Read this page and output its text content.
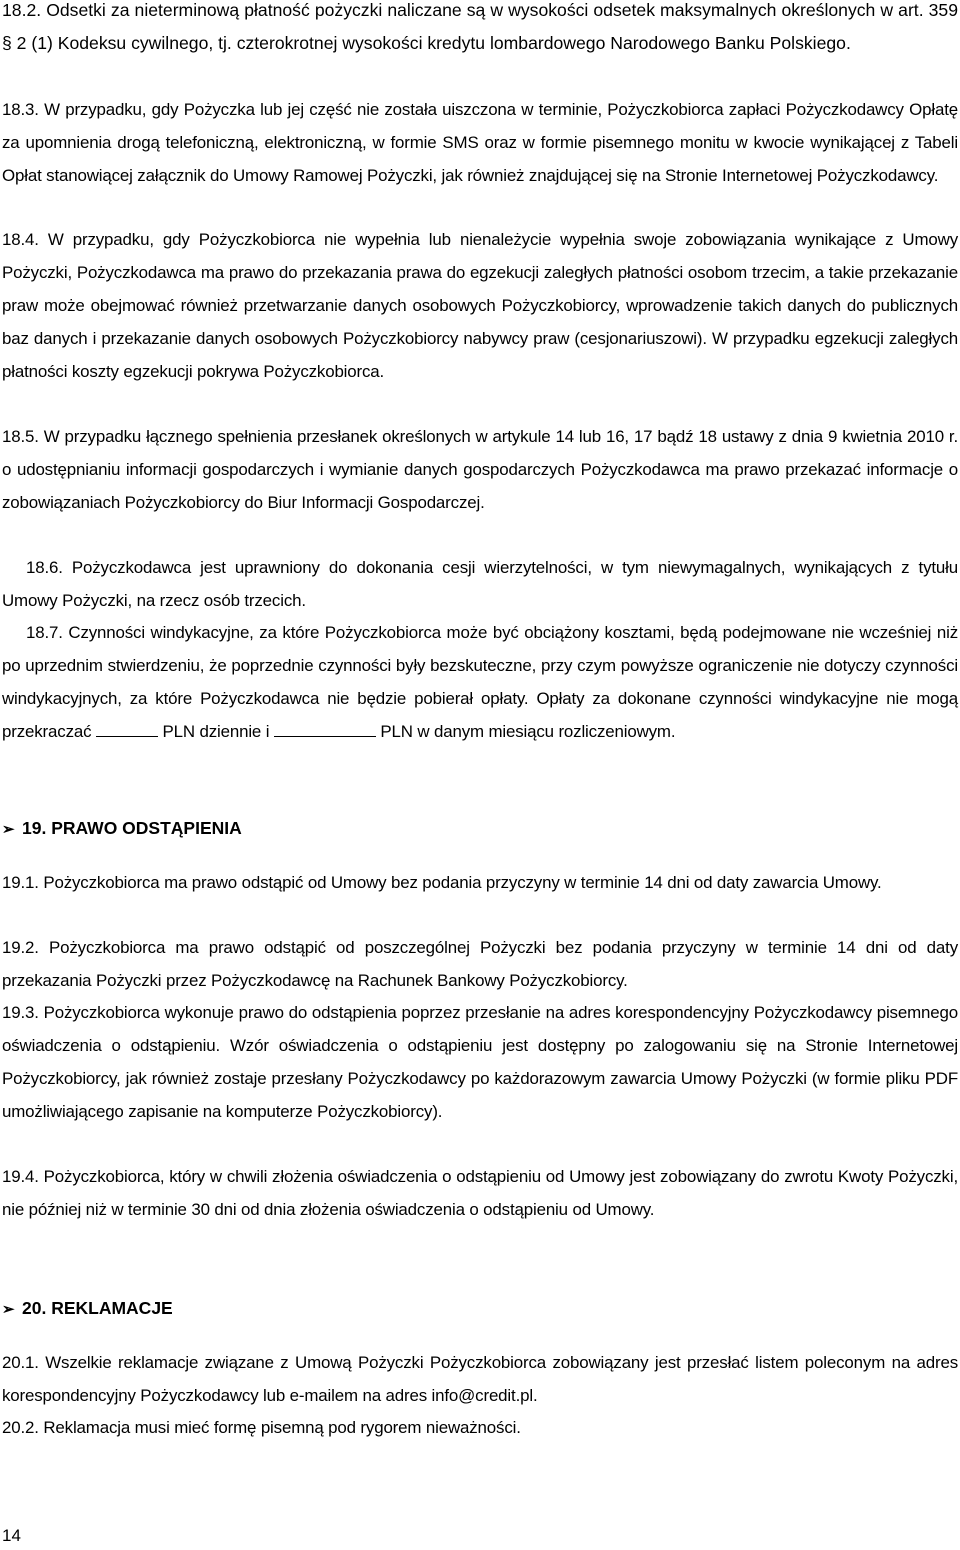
18.2. Odsetki za nieterminową płatność pożyczki naliczane są w wysokości odsetek maksymalnych określonych w art. 359 § 2 (1) Kodeksu cywilnego, tj. czterokrotnej wysokości kredytu lombardowego Narodowego Banku Polskiego.

18.3. W przypadku, gdy Pożyczka lub jej część nie została uiszczona w terminie, Pożyczkobiorca zapłaci Pożyczkodawcy Opłatę za upomnienia drogą telefoniczną, elektroniczną, w formie SMS oraz w formie pisemnego monitu w kwocie wynikającej z Tabeli Opłat stanowiącej załącznik do Umowy Ramowej Pożyczki, jak również znajdującej się na Stronie Internetowej Pożyczkodawcy.

18.4. W przypadku, gdy Pożyczkobiorca nie wypełnia lub nienależycie wypełnia swoje zobowiązania wynikające z Umowy Pożyczki, Pożyczkodawca ma prawo do przekazania prawa do egzekucji zaległych płatności osobom trzecim, a takie przekazanie praw może obejmować również przetwarzanie danych osobowych Pożyczkobiorcy, wprowadzenie takich danych do publicznych baz danych i przekazanie danych osobowych Pożyczkobiorcy nabywcy praw (cesjonariuszowi). W przypadku egzekucji zaległych płatności koszty egzekucji pokrywa Pożyczkobiorca.

18.5. W przypadku łącznego spełnienia przesłanek określonych w artykule 14 lub 16, 17 bądź 18 ustawy z dnia 9 kwietnia 2010 r. o udostępnianiu informacji gospodarczych i wymianie danych gospodarczych Pożyczkodawca ma prawo przekazać informacje o zobowiązaniach Pożyczkobiorcy do Biur Informacji Gospodarczej.

18.6. Pożyczkodawca jest uprawniony do dokonania cesji wierzytelności, w tym niewymagalnych, wynikających z tytułu Umowy Pożyczki, na rzecz osób trzecich.

18.7. Czynności windykacyjne, za które Pożyczkobiorca może być obciążony kosztami, będą podejmowane nie wcześniej niż po uprzednim stwierdzeniu, że poprzednie czynności były bezskuteczne, przy czym powyższe ograniczenie nie dotyczy czynności windykacyjnych, za które Pożyczkodawca nie będzie pobierał opłaty. Opłaty za dokonane czynności windykacyjne nie mogą przekraczać	PLN dziennie i	PLN w danym miesiącu rozliczeniowym.

➢ 19. PRAWO ODSTĄPIENIA

19.1. Pożyczkobiorca ma prawo odstąpić od Umowy bez podania przyczyny w terminie 14 dni od daty zawarcia Umowy.

19.2. Pożyczkobiorca ma prawo odstąpić od poszczególnej Pożyczki bez podania przyczyny w terminie 14 dni od daty przekazania Pożyczki przez Pożyczkodawcę na Rachunek Bankowy Pożyczkobiorcy.

19.3. Pożyczkobiorca wykonuje prawo do odstąpienia poprzez przesłanie na adres korespondencyjny Pożyczkodawcy pisemnego oświadczenia o odstąpieniu. Wzór oświadczenia o odstąpieniu jest dostępny po zalogowaniu się na Stronie Internetowej Pożyczkobiorcy, jak również zostaje przesłany Pożyczkodawcy po każdorazowym zawarcia Umowy Pożyczki (w formie pliku PDF umożliwiającego zapisanie na komputerze Pożyczkobiorcy).

19.4. Pożyczkobiorca, który w chwili złożenia oświadczenia o odstąpieniu od Umowy jest zobowiązany do zwrotu Kwoty Pożyczki, nie później niż w terminie 30 dni od dnia złożenia oświadczenia o odstąpieniu od Umowy.

➢ 20. REKLAMACJE

20.1. Wszelkie reklamacje związane z Umową Pożyczki Pożyczkobiorca zobowiązany jest przesłać listem poleconym na adres korespondencyjny Pożyczkodawcy lub e-mailem na adres info@credit.pl.

20.2. Reklamacja musi mieć formę pisemną pod rygorem nieważności.

14
